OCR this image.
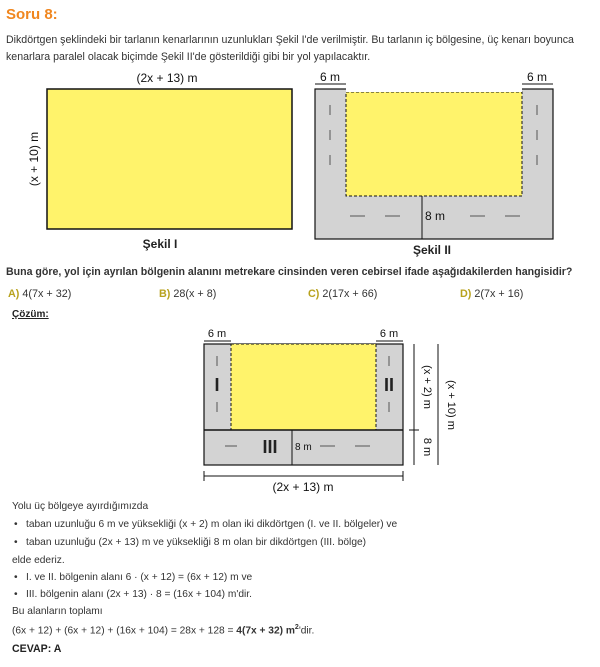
Soru 8:
Dikdörtgen şeklindeki bir tarlanın kenarlarının uzunlukları Şekil I'de verilmiştir. Bu tarlanın iç bölgesine, üç kenarı boyunca kenarlara paralel olacak biçimde Şekil II'de gösterildiği gibi bir yol yapılacaktır.
(2x + 13) m
(x + 10) m
Şekil I
6 m	6 m
8 m
Şekil II
Buna göre, yol için ayrılan bölgenin alanını metrekare cinsinden veren cebirsel ifade aşağıdakilerden hangisidir?
A) 4(7x + 32)	B) 28(x + 8)	C) 2(17x + 66)	D) 2(7x + 16)
Çözüm:
6 m	6 m
I	II
III 8 m
(x + 2) m
8 m
(x + 10) m
(2x + 13) m
Yolu üç bölgeye ayırdığımızda
• taban uzunluğu 6 m ve yüksekliği (x + 2) m olan iki dikdörtgen (I. ve II. bölgeler) ve
• taban uzunluğu (2x + 13) m ve yüksekliği 8 m olan bir dikdörtgen (III. bölge)
elde ederiz.
• I. ve II. bölgenin alanı 6 · (x + 12) = (6x + 12) m ve
• III. bölgenin alanı (2x + 13) · 8 = (16x + 104) m'dir.
Bu alanların toplamı
(6x + 12) + (6x + 12) + (16x + 104) = 28x + 128 = 4(7x + 32) $m^2'dir$.
CEVAP: A
